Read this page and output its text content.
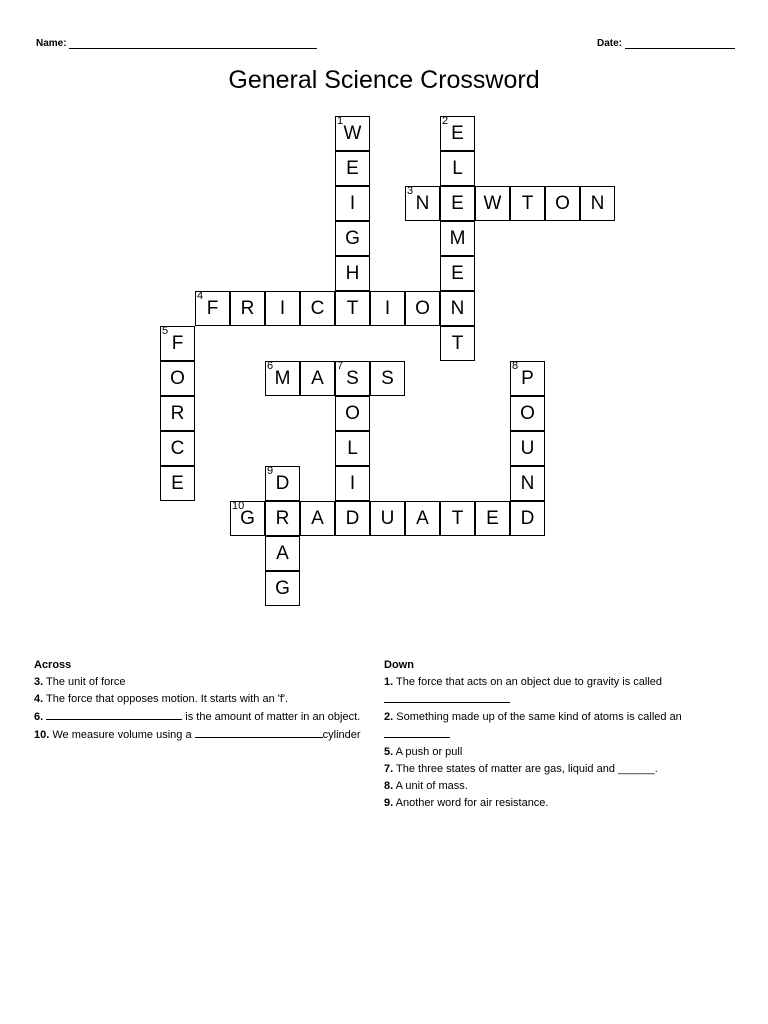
Name:	Date:
General Science Crossword
1
W
E
I
G
H
T
2
E
L
E
M
E
N
T
3
N	W	T	O	N
4
F	R	I	C	I	O
5
F
O
R
C
E
6
M	A
7
S	S
O
L
I
D
8
P
O
U
N
D
9
D
R
A
G
10
G	A	U	A	T	E
Across
3. The unit of force
4. The force that opposes motion. It starts with an 'f'.
6.	is the amount of matter in an object.
10. We measure volume using a	cylinder
Down
1. The force that acts on an object due to gravity is called
2. Something made up of the same kind of atoms is called an
5. A push or pull
7. The three states of matter are gas, liquid and ______.
8. A unit of mass.
9. Another word for air resistance.
